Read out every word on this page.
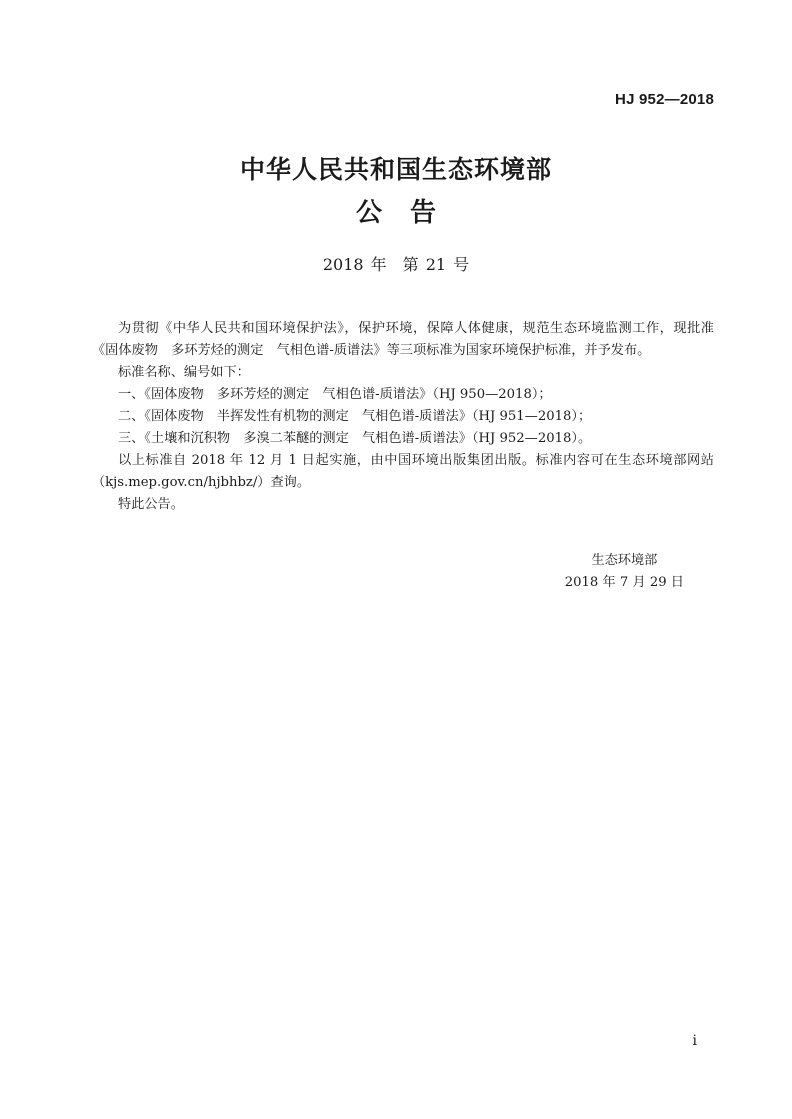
HJ 952—2018
中华人民共和国生态环境部
公告
2018 年　第 21 号

为贯彻《中华人民共和国环境保护法》，保护环境，保障人体健康，规范生态环境监测工作，现批准《固体废物　多环芳烃的测定　气相色谱-质谱法》等三项标准为国家环境保护标准，并予发布。

标准名称、编号如下：

一、《固体废物　多环芳烃的测定　气相色谱-质谱法》（HJ 950—2018）；

二、《固体废物　半挥发性有机物的测定　气相色谱-质谱法》（HJ 951—2018）；

三、《土壤和沉积物　多溴二苯醚的测定　气相色谱-质谱法》（HJ 952—2018）。

以上标准自 2018 年 12 月 1 日起实施，由中国环境出版集团出版。标准内容可在生态环境部网站（kjs.mep.gov.cn/hjbhbz/）查询。

特此公告。

生态环境部
2018 年 7 月 29 日
i
